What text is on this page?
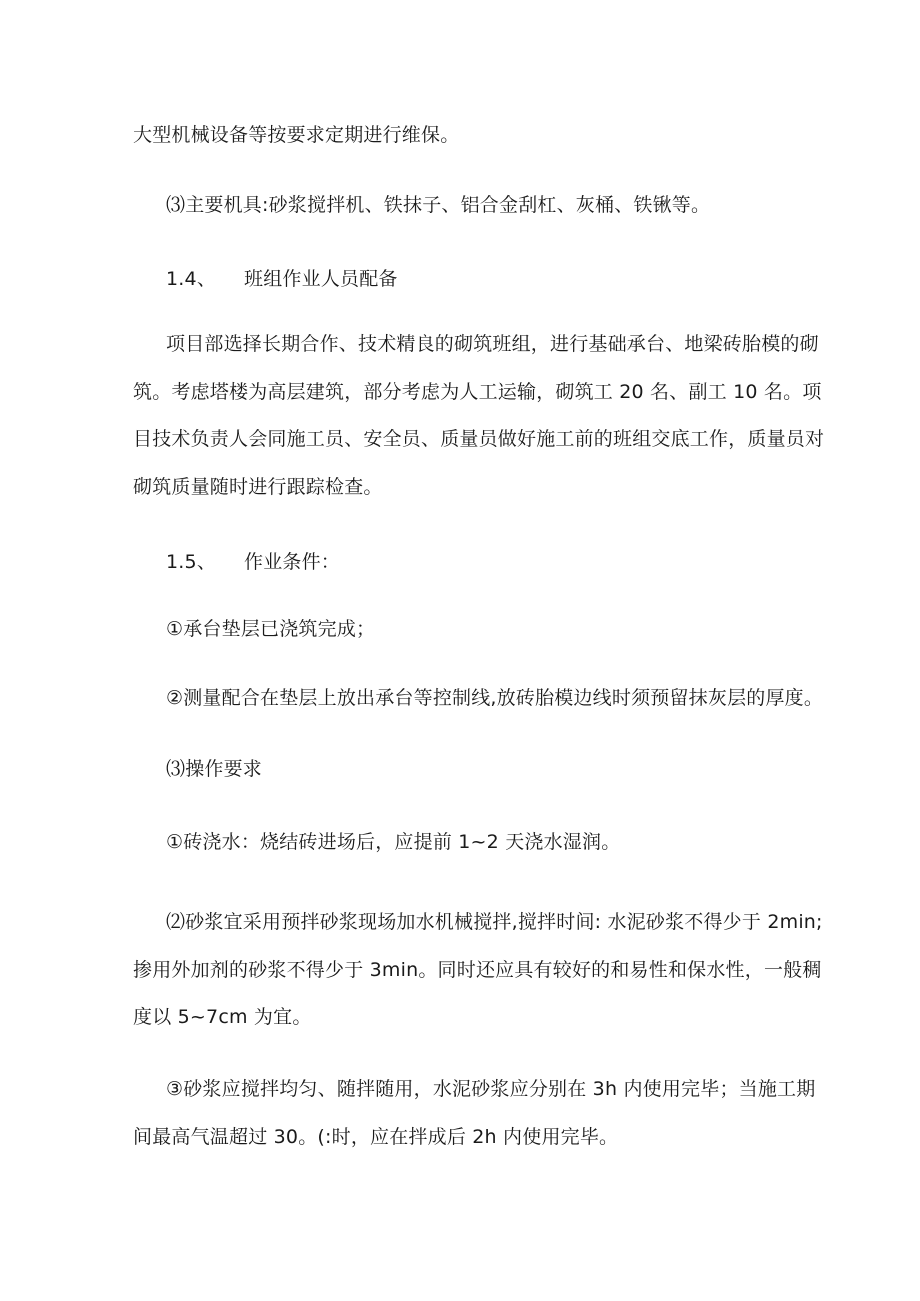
大型机械设备等按要求定期进行维保。
⑶主要机具:砂浆搅拌机、铁抹子、铝合金刮杠、灰桶、铁锹等。
1.4、 班组作业人员配备
项目部选择长期合作、技术精良的砌筑班组，进行基础承台、地梁砖胎模的砌
筑。考虑塔楼为高层建筑，部分考虑为人工运输，砌筑工 20 名、副工 10 名。项
目技术负责人会同施工员、安全员、质量员做好施工前的班组交底工作，质量员对
砌筑质量随时进行跟踪检查。
1.5、 作业条件：
①承台垫层已浇筑完成；
②测量配合在垫层上放出承台等控制线,放砖胎模边线时须预留抹灰层的厚度。
⑶操作要求
①砖浇水：烧结砖进场后，应提前 1~2 天浇水湿润。
⑵砂浆宜采用预拌砂浆现场加水机械搅拌,搅拌时间: 水泥砂浆不得少于 2min;
掺用外加剂的砂浆不得少于 3min。同时还应具有较好的和易性和保水性，一般稠
度以 5~7cm 为宜。
③砂浆应搅拌均匀、随拌随用，水泥砂浆应分别在 3h 内使用完毕；当施工期
间最高气温超过 30。(:时，应在拌成后 2h 内使用完毕。
